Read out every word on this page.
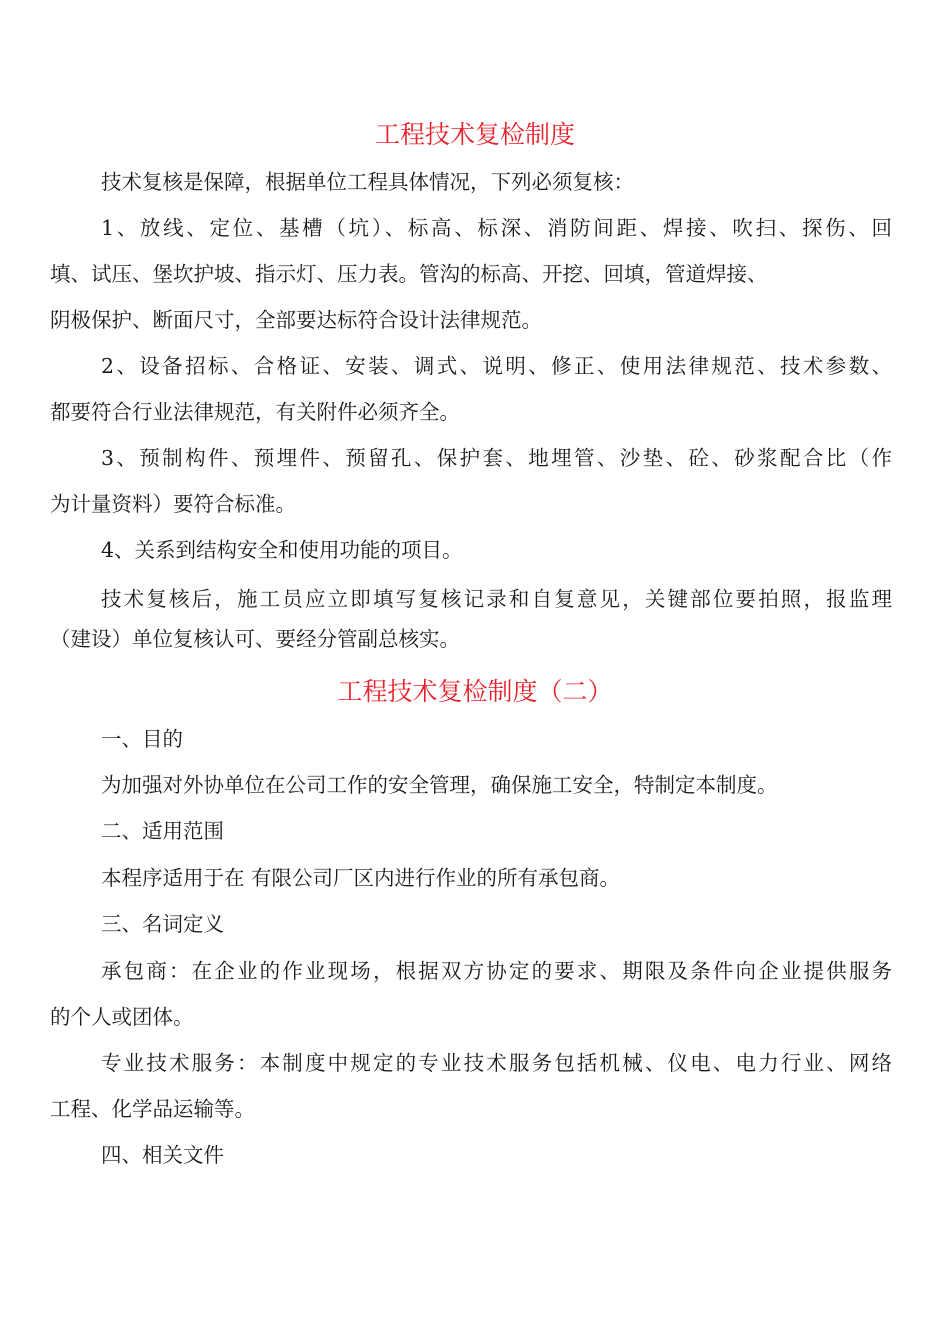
工程技术复检制度

技术复核是保障，根据单位工程具体情况，下列必须复核：

1、放线、定位、基槽（坑）、标高、标深、消防间距、焊接、吹扫、探伤、回

填、试压、堡坎护坡、指示灯、压力表。管沟的标高、开挖、回填，管道焊接、

阴极保护、断面尺寸，全部要达标符合设计法律规范。

2、设备招标、合格证、安装、调式、说明、修正、使用法律规范、技术参数、

都要符合行业法律规范，有关附件必须齐全。

3、预制构件、预埋件、预留孔、保护套、地埋管、沙垫、砼、砂浆配合比（作

为计量资料）要符合标准。

4、关系到结构安全和使用功能的项目。

技术复核后，施工员应立即填写复核记录和自复意见，关键部位要拍照，报监理

（建设）单位复核认可、要经分管副总核实。

工程技术复检制度（二）

一、目的

为加强对外协单位在公司工作的安全管理，确保施工安全，特制定本制度。

二、适用范围

本程序适用于在 有限公司厂区内进行作业的所有承包商。

三、名词定义

承包商：在企业的作业现场，根据双方协定的要求、期限及条件向企业提供服务

的个人或团体。

专业技术服务：本制度中规定的专业技术服务包括机械、仪电、电力行业、网络

工程、化学品运输等。

四、相关文件
